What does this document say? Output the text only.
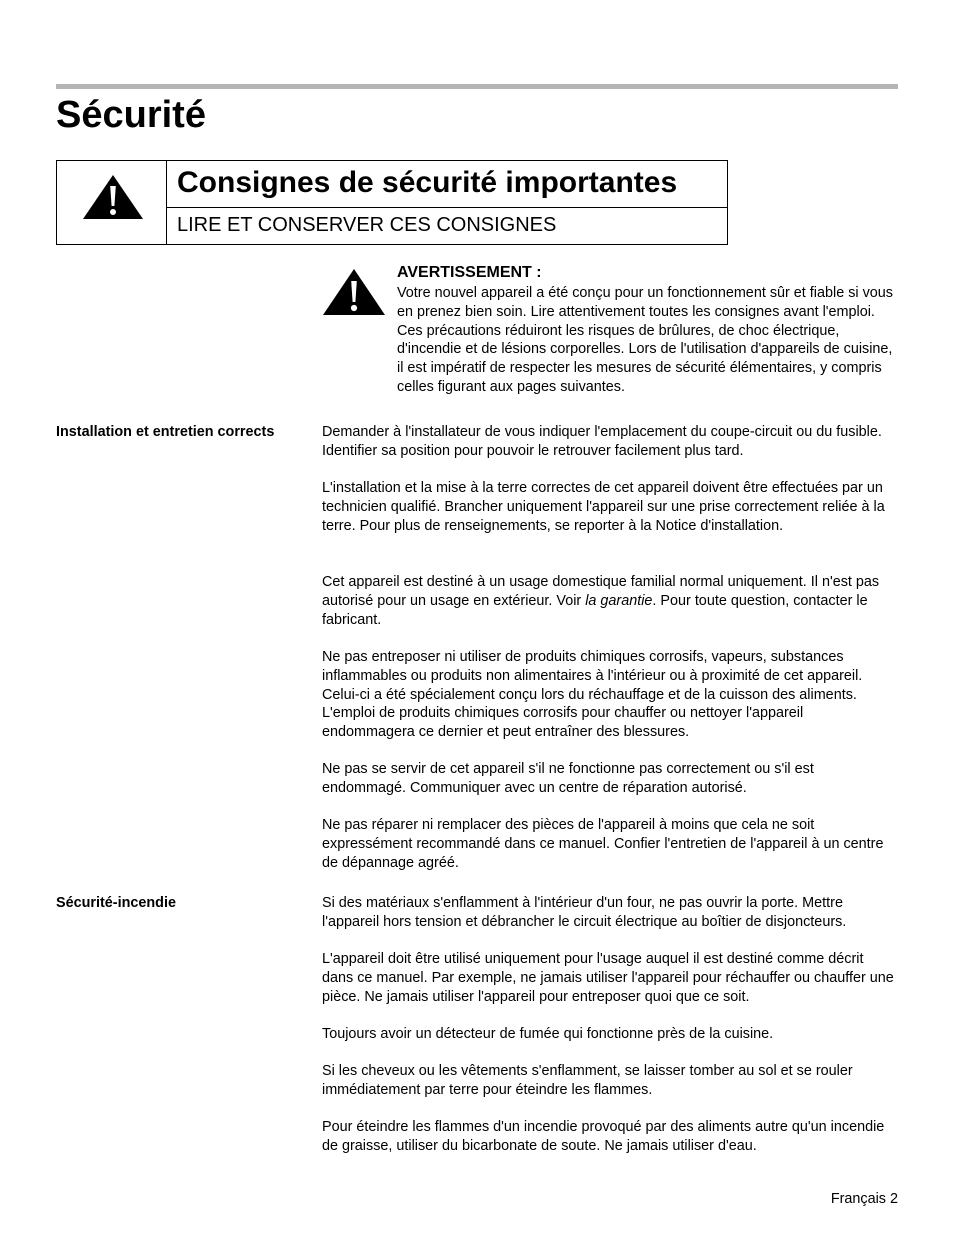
Sécurité
Consignes de sécurité importantes
LIRE ET CONSERVER CES CONSIGNES
AVERTISSEMENT :

Votre nouvel appareil a été conçu pour un fonctionnement sûr et fiable si vous en prenez bien soin. Lire attentivement toutes les consignes avant l'emploi. Ces précautions réduiront les risques de brûlures, de choc électrique, d'incendie et de lésions corporelles. Lors de l'utilisation d'appareils de cuisine, il est impératif de respecter les mesures de sécurité élémentaires, y compris celles figurant aux pages suivantes.

Installation et entretien corrects	Demander à l'installateur de vous indiquer l'emplacement du coupe-circuit ou du fusible. Identifier sa position pour pouvoir le retrouver facilement plus tard.

L'installation et la mise à la terre correctes de cet appareil doivent être effectuées par un technicien qualifié. Brancher uniquement l'appareil sur une prise correctement reliée à la terre. Pour plus de renseignements, se reporter à la Notice d'installation.

Cet appareil est destiné à un usage domestique familial normal uniquement. Il n'est pas autorisé pour un usage en extérieur. Voir la garantie. Pour toute question, contacter le fabricant.

Ne pas entreposer ni utiliser de produits chimiques corrosifs, vapeurs, substances inflammables ou produits non alimentaires à l'intérieur ou à proximité de cet appareil. Celui-ci a été spécialement conçu lors du réchauffage et de la cuisson des aliments. L'emploi de produits chimiques corrosifs pour chauffer ou nettoyer l'appareil endommagera ce dernier et peut entraîner des blessures.

Ne pas se servir de cet appareil s'il ne fonctionne pas correctement ou s'il est endommagé. Communiquer avec un centre de réparation autorisé.

Ne pas réparer ni remplacer des pièces de l'appareil à moins que cela ne soit expressément recommandé dans ce manuel. Confier l'entretien de l'appareil à un centre de dépannage agréé.

Sécurité-incendie	Si des matériaux s'enflamment à l'intérieur d'un four, ne pas ouvrir la porte. Mettre l'appareil hors tension et débrancher le circuit électrique au boîtier de disjoncteurs.

L'appareil doit être utilisé uniquement pour l'usage auquel il est destiné comme décrit dans ce manuel. Par exemple, ne jamais utiliser l'appareil pour réchauffer ou chauffer une pièce. Ne jamais utiliser l'appareil pour entreposer quoi que ce soit.

Toujours avoir un détecteur de fumée qui fonctionne près de la cuisine.

Si les cheveux ou les vêtements s'enflamment, se laisser tomber au sol et se rouler immédiatement par terre pour éteindre les flammes.

Pour éteindre les flammes d'un incendie provoqué par des aliments autre qu'un incendie de graisse, utiliser du bicarbonate de soute. Ne jamais utiliser d'eau.

Français 2
